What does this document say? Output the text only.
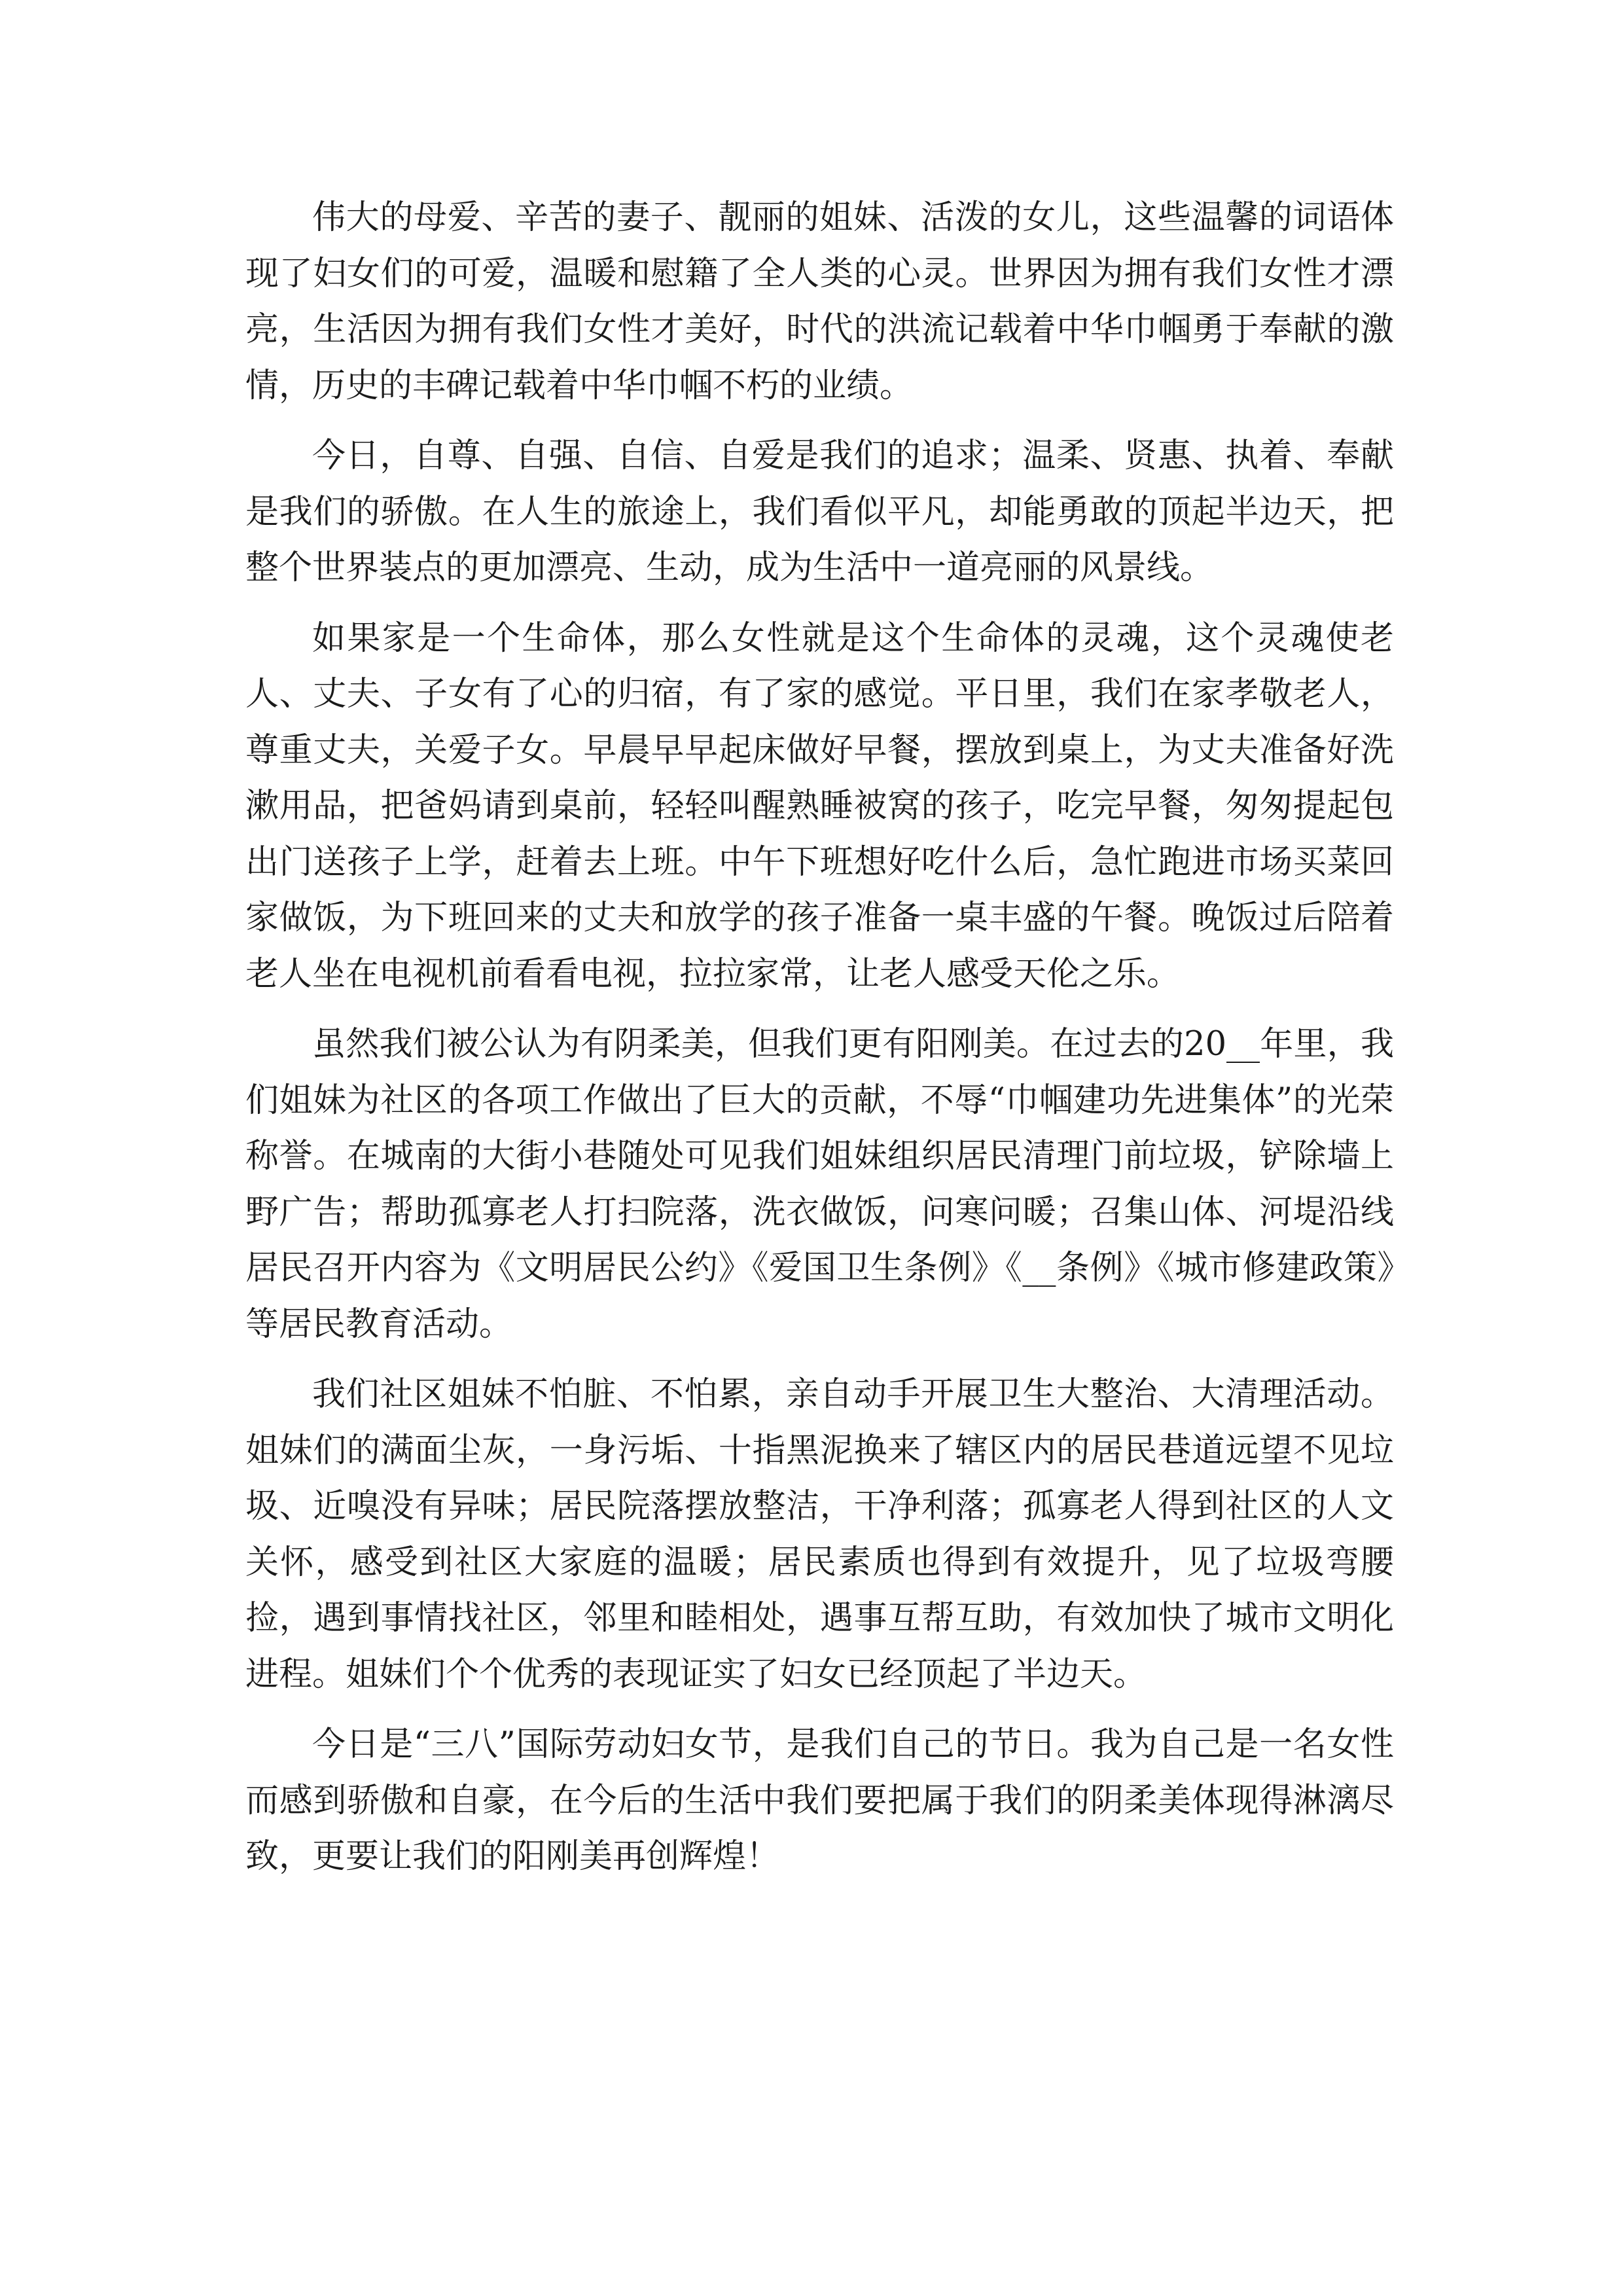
伟大的母爱、辛苦的妻子、靓丽的姐妹、活泼的女儿，这些温馨的词语体现了妇女们的可爱，温暖和慰籍了全人类的心灵。世界因为拥有我们女性才漂亮，生活因为拥有我们女性才美好，时代的洪流记载着中华巾帼勇于奉献的激情，历史的丰碑记载着中华巾帼不朽的业绩。

今日，自尊、自强、自信、自爱是我们的追求；温柔、贤惠、执着、奉献是我们的骄傲。在人生的旅途上，我们看似平凡，却能勇敢的顶起半边天，把整个世界装点的更加漂亮、生动，成为生活中一道亮丽的风景线。

如果家是一个生命体，那么女性就是这个生命体的灵魂，这个灵魂使老人、丈夫、子女有了心的归宿，有了家的感觉。平日里，我们在家孝敬老人，尊重丈夫，关爱子女。早晨早早起床做好早餐，摆放到桌上，为丈夫准备好洗漱用品，把爸妈请到桌前，轻轻叫醒熟睡被窝的孩子，吃完早餐，匆匆提起包出门送孩子上学，赶着去上班。中午下班想好吃什么后，急忙跑进市场买菜回家做饭，为下班回来的丈夫和放学的孩子准备一桌丰盛的午餐。晚饭过后陪着老人坐在电视机前看看电视，拉拉家常，让老人感受天伦之乐。

虽然我们被公认为有阴柔美，但我们更有阳刚美。在过去的20__年里，我们姐妹为社区的各项工作做出了巨大的贡献，不辱“巾帼建功先进集体”的光荣称誉。在城南的大街小巷随处可见我们姐妹组织居民清理门前垃圾，铲除墙上野广告；帮助孤寡老人打扫院落，洗衣做饭，问寒问暖；召集山体、河堤沿线居民召开内容为《文明居民公约》《爱国卫生条例》《__条例》《城市修建政策》等居民教育活动。

我们社区姐妹不怕脏、不怕累，亲自动手开展卫生大整治、大清理活动。姐妹们的满面尘灰，一身污垢、十指黑泥换来了辖区内的居民巷道远望不见垃圾、近嗅没有异味；居民院落摆放整洁，干净利落；孤寡老人得到社区的人文关怀，感受到社区大家庭的温暖；居民素质也得到有效提升，见了垃圾弯腰捡，遇到事情找社区，邻里和睦相处，遇事互帮互助，有效加快了城市文明化进程。姐妹们个个优秀的表现证实了妇女已经顶起了半边天。

今日是“三八”国际劳动妇女节，是我们自己的节日。我为自己是一名女性而感到骄傲和自豪，在今后的生活中我们要把属于我们的阴柔美体现得淋漓尽致，更要让我们的阳刚美再创辉煌！
